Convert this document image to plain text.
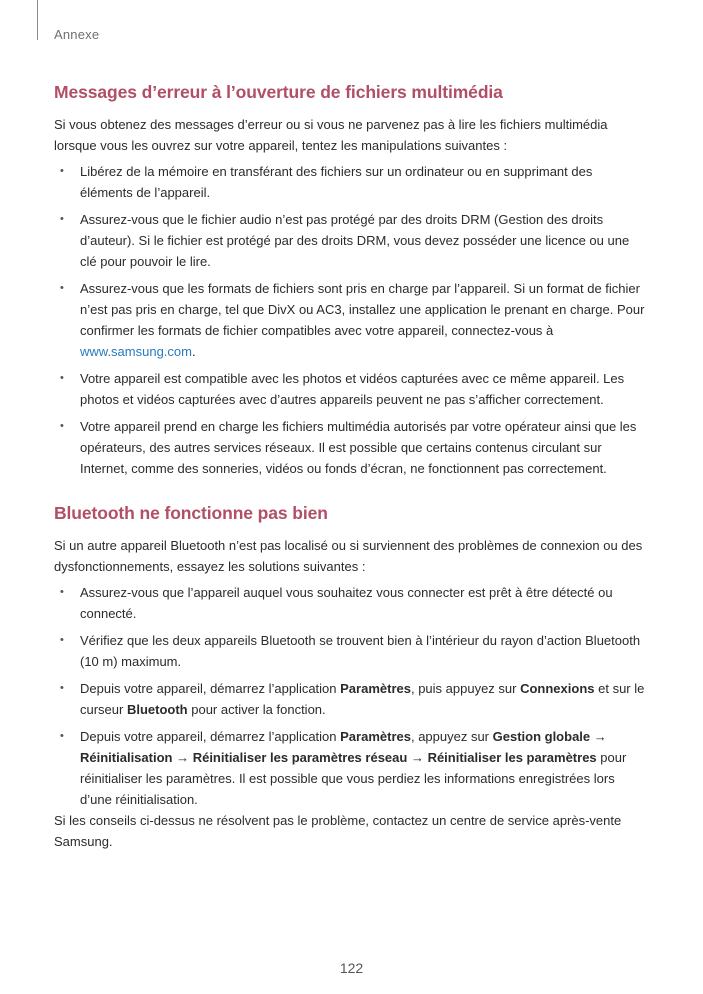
Annexe
Messages d’erreur à l’ouverture de fichiers multimédia

Si vous obtenez des messages d’erreur ou si vous ne parvenez pas à lire les fichiers multimédia lorsque vous les ouvrez sur votre appareil, tentez les manipulations suivantes :

• Libérez de la mémoire en transférant des fichiers sur un ordinateur ou en supprimant des éléments de l’appareil.
• Assurez-vous que le fichier audio n’est pas protégé par des droits DRM (Gestion des droits d’auteur). Si le fichier est protégé par des droits DRM, vous devez posséder une licence ou une clé pour pouvoir le lire.
• Assurez-vous que les formats de fichiers sont pris en charge par l’appareil. Si un format de fichier n’est pas pris en charge, tel que DivX ou AC3, installez une application le prenant en charge. Pour confirmer les formats de fichier compatibles avec votre appareil, connectez-vous à www.samsung.com.
• Votre appareil est compatible avec les photos et vidéos capturées avec ce même appareil. Les photos et vidéos capturées avec d’autres appareils peuvent ne pas s’afficher correctement.
• Votre appareil prend en charge les fichiers multimédia autorisés par votre opérateur ainsi que les opérateurs, des autres services réseaux. Il est possible que certains contenus circulant sur Internet, comme des sonneries, vidéos ou fonds d’écran, ne fonctionnent pas correctement.
Bluetooth ne fonctionne pas bien

Si un autre appareil Bluetooth n’est pas localisé ou si surviennent des problèmes de connexion ou des dysfonctionnements, essayez les solutions suivantes :

• Assurez-vous que l’appareil auquel vous souhaitez vous connecter est prêt à être détecté ou connecté.
• Vérifiez que les deux appareils Bluetooth se trouvent bien à l’intérieur du rayon d’action Bluetooth (10 m) maximum.
• Depuis votre appareil, démarrez l’application Paramètres, puis appuyez sur Connexions et sur le curseur Bluetooth pour activer la fonction.
• Depuis votre appareil, démarrez l’application Paramètres, appuyez sur Gestion globale → Réinitialisation → Réinitialiser les paramètres réseau → Réinitialiser les paramètres pour réinitialiser les paramètres. Il est possible que vous perdiez les informations enregistrées lors d’une réinitialisation.

Si les conseils ci-dessus ne résolvent pas le problème, contactez un centre de service après-vente Samsung.

122
